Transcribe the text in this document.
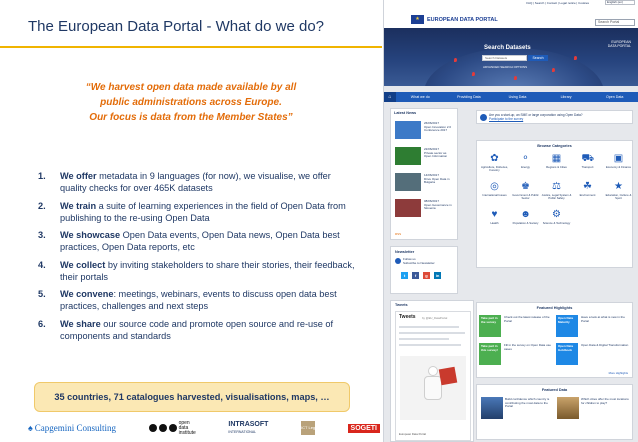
The European Data Portal - What do we do?
“We harvest open data made available by all
public administrations across Europe.
Our focus is data from the Member States”
1. We offer metadata in 9 languages (for now), we visualise, we offer quality checks for over 465K datasets
2. We train a suite of learning experiences in the field of Open Data from publishing to the re-using Open Data
3. We showcase Open Data events, Open Data news, Open Data best practices, Open Data reports, etc
4. We collect by inviting stakeholders to share their stories, their feedback, their portals
5. We convene: meetings, webinars, events to discuss open data best practices, challenges and next steps
6. We share our source code and promote open source and re-use of components and standards
35 countries, 71 catalogues harvested, visualisations, maps, …
♠ Capgemini Consulting
open
data
institute
INTRASOFT
INTERNATIONAL
ICT Legal	SOGETI
FAQ | Search | Contact | Legal notice | Cookies	English (en)
★	EUROPEAN DATA PORTAL	Search Portal
Search Datasets
Search Datasets	Search
ADVANCED SEARCH OPTIONS
EUROPEAN
DATA PORTAL
⌂	What we do	Providing Data	Using Data	Library	Open Data
Latest News
26/06/2017
Open Innovation 2.0 Conference 2017
22/06/2017
Private sector as Open Information
14/06/2017
Drive Open Data in Bulgaria
08/06/2017
Open Governance in Slovenia
RSS
Newsletter
Follow us
Subscribe to Newsletter
t	f	g	in
Are you a start-up, an SME or large corporation using Open Data?
Participate to the survey
Browse Categories
✿
Agriculture, Fisheries, Forestry
⚬
Energy
▦
Regions & Cities
⛟
Transport
▣
Economy & Finance
◎
International Issues
♚
Government & Public Sector
⚖
Justice, Legal System & Public Safety
☘
Environment
★
Education, Culture & Sport
♥
Health
☻
Population & Society
⚙
Science & Technology
Tweets
Tweets by @EU_DataPortal
European Data Portal
Featured Highlights
Take part in the survey
Check out the latest release of the Portal
Open Data Maturity
Have a look at what is new in the Portal
Take part in this survey!
Fill in the survey on Open Data use cases
Open Data Goldbook
Open Data & Digital Transformation
More Highlights
Featured Data
Build confidence which country is contributing the most data to the Portal
Which cities offer the most locations for children to play?
